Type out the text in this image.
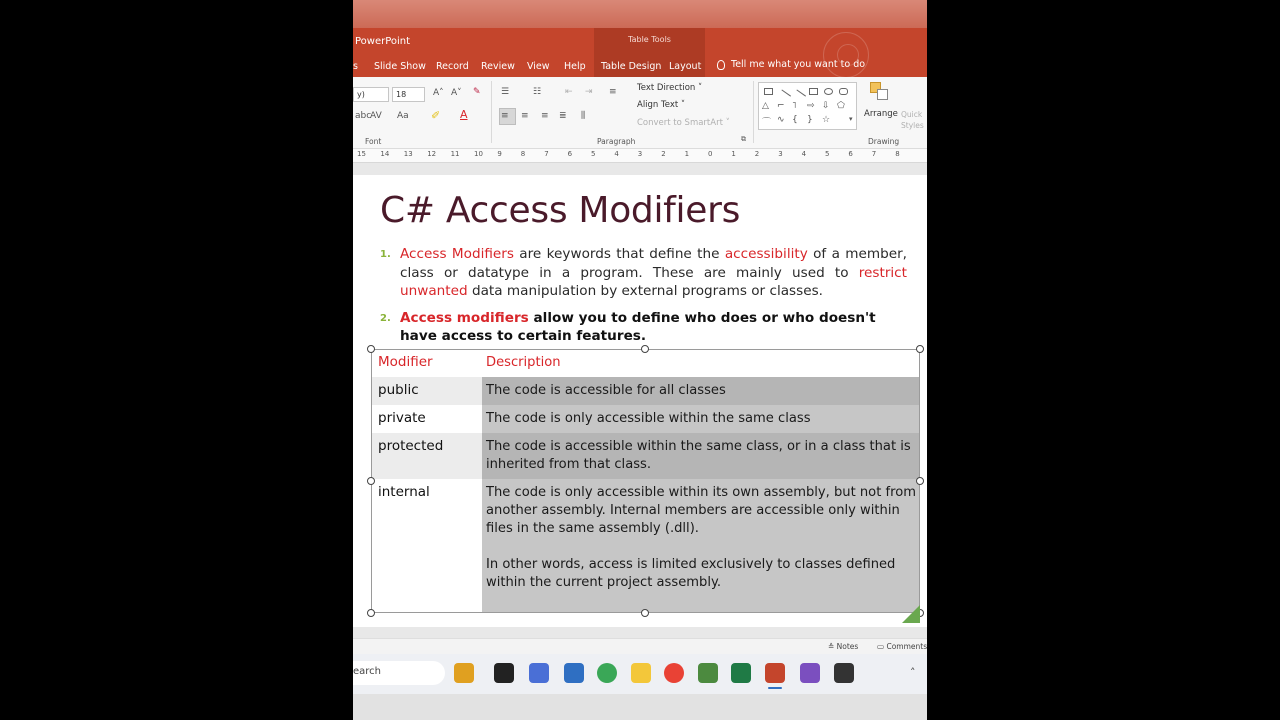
PowerPoint	Table Tools
s Slide Show Record Review View Help Table Design Layout	Tell me what you want to do
y)	18	A˄ A˅ ✎
abc
AV Aa ✐ A
Font
☰	☷	⇤ ⇥ ≡ Text Direction ˅
Align Text ˅
Convert to SmartArt ˅
≡ ≡ ≡ ≣ ⫼
Paragraph	⧉
△ ⌐ ˥ ⇨ ⇩ ⬠
⌒ ∿ { } ☆	▾ Arrange Quick Styles
Drawing
15 14 13 12 11 10 9	8	7	6	5	4	3	2	1	0	1	2	3	4	5	6	7	8
C# Access Modifiers
1. Access Modifiers are keywords that define the accessibility of a member, class or datatype in a program. These are mainly used to restrict unwanted data manipulation by external programs or classes.
2. Access modifiers allow you to define who does or who doesn't have access to certain features.
Modifier	Description
public	The code is accessible for all classes
private	The code is only accessible within the same class
protected	The code is accessible within the same class, or in a class that is inherited from that class.
internal	The code is only accessible within its own assembly, but not from another assembly. Internal members are accessible only within files in the same assembly (.dll).
In other words, access is limited exclusively to classes defined within the current project assembly.
≙ Notes ▭ Comments
earch	˄
